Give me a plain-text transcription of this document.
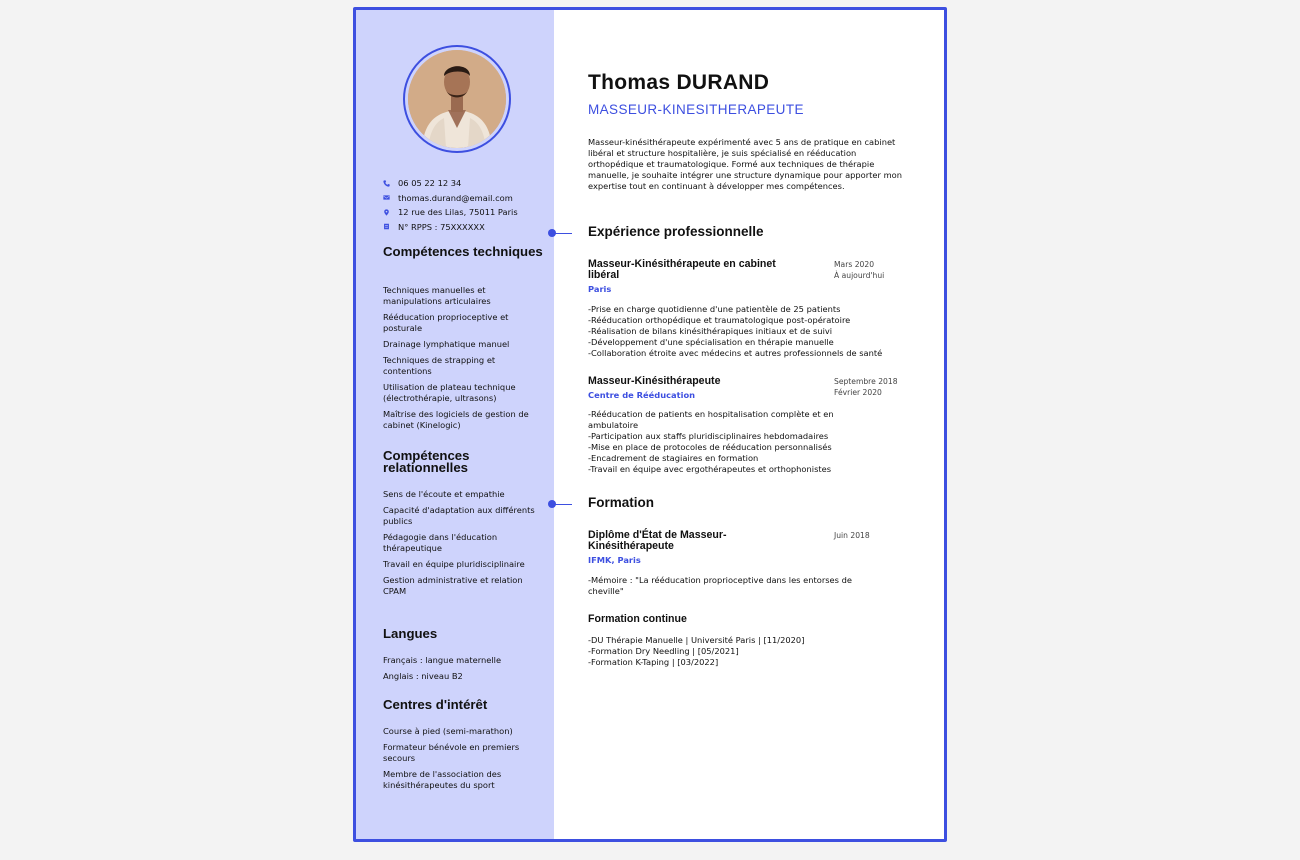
06 05 22 12 34
thomas.durand@email.com
12 rue des Lilas, 75011 Paris
N° RPPS : 75XXXXXX
Compétences techniques
Techniques manuelles et manipulations articulaires
Rééducation proprioceptive et posturale
Drainage lymphatique manuel
Techniques de strapping et contentions
Utilisation de plateau technique (électrothérapie, ultrasons)
Maîtrise des logiciels de gestion de cabinet (Kinelogic)
Compétences relationnelles
Sens de l'écoute et empathie
Capacité d'adaptation aux différents publics
Pédagogie dans l'éducation thérapeutique
Travail en équipe pluridisciplinaire
Gestion administrative et relation CPAM
Langues
Français : langue maternelle
Anglais : niveau B2
Centres d'intérêt
Course à pied (semi-marathon)
Formateur bénévole en premiers secours
Membre de l'association des kinésithérapeutes du sport
Thomas DURAND
MASSEUR-KINESITHERAPEUTE
Masseur-kinésithérapeute expérimenté avec 5 ans de pratique en cabinet libéral et structure hospitalière, je suis spécialisé en rééducation orthopédique et traumatologique. Formé aux techniques de thérapie manuelle, je souhaite intégrer une structure dynamique pour apporter mon expertise tout en continuant à développer mes compétences.
Expérience professionnelle
Masseur-Kinésithérapeute en cabinet libéral
Paris
Mars 2020
À aujourd'hui
-Prise en charge quotidienne d'une patientèle de 25 patients
-Rééducation orthopédique et traumatologique post-opératoire
-Réalisation de bilans kinésithérapiques initiaux et de suivi
-Développement d'une spécialisation en thérapie manuelle
-Collaboration étroite avec médecins et autres professionnels de santé
Masseur-Kinésithérapeute
Centre de Rééducation
Septembre 2018
Février 2020
-Rééducation de patients en hospitalisation complète et en ambulatoire
-Participation aux staffs pluridisciplinaires hebdomadaires
-Mise en place de protocoles de rééducation personnalisés
-Encadrement de stagiaires en formation
-Travail en équipe avec ergothérapeutes et orthophonistes
Formation
Diplôme d'État de Masseur-Kinésithérapeute
IFMK, Paris
Juin 2018
-Mémoire : "La rééducation proprioceptive dans les entorses de cheville"
Formation continue
-DU Thérapie Manuelle | Université Paris | [11/2020]
-Formation Dry Needling | [05/2021]
-Formation K-Taping | [03/2022]
